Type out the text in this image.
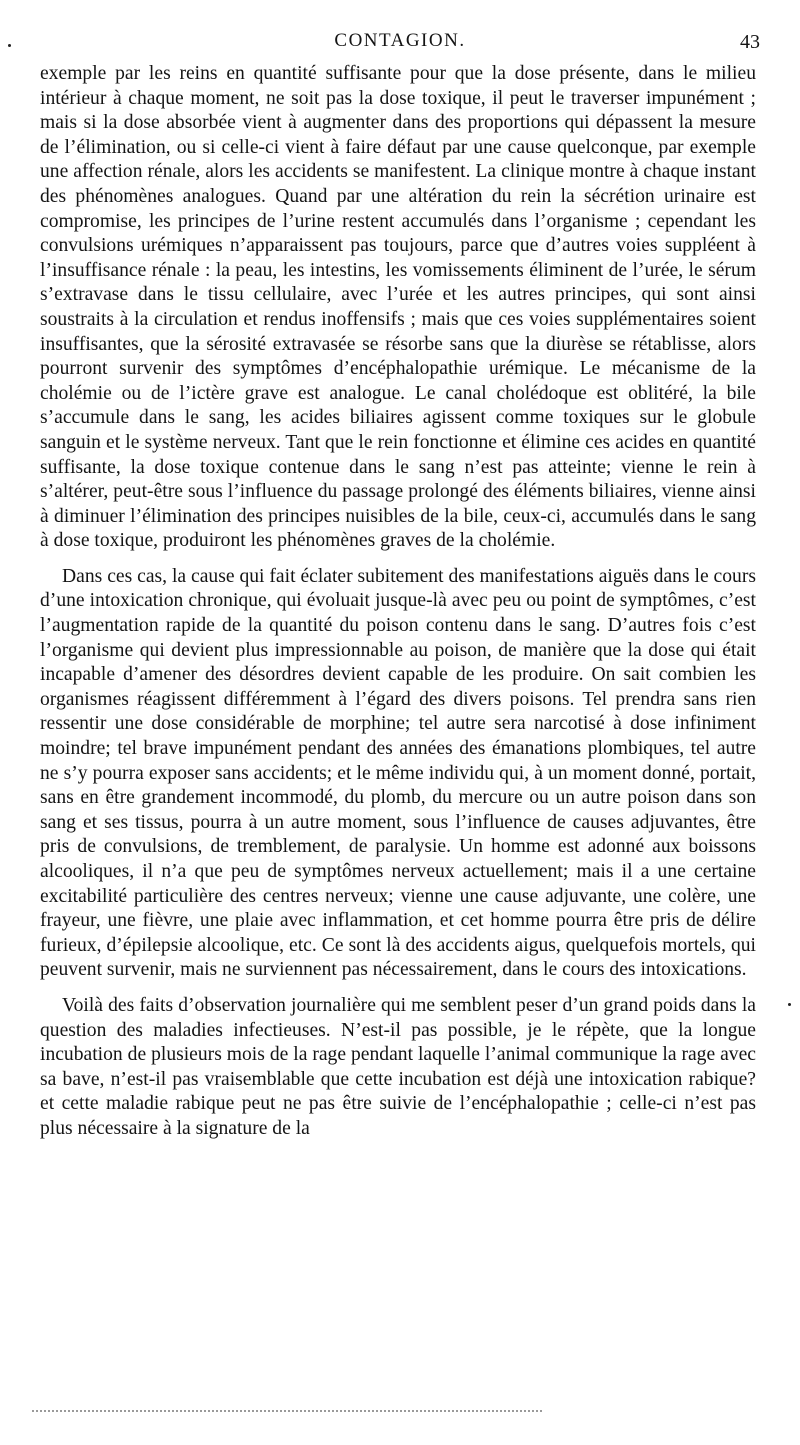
CONTAGION.	43

exemple par les reins en quantité suffisante pour que la dose présente, dans le milieu intérieur à chaque moment, ne soit pas la dose toxique, il peut le traverser impunément ; mais si la dose absorbée vient à augmenter dans des proportions qui dépassent la mesure de l’élimination, ou si celle-ci vient à faire défaut par une cause quelconque, par exemple une affection rénale, alors les accidents se manifestent. La clinique montre à chaque instant des phénomènes analogues. Quand par une altération du rein la sécrétion urinaire est compromise, les principes de l’urine restent accumulés dans l’organisme ; cependant les convulsions urémiques n’apparaissent pas toujours, parce que d’autres voies suppléent à l’insuffisance rénale : la peau, les intestins, les vomissements éliminent de l’urée, le sérum s’extravase dans le tissu cellulaire, avec l’urée et les autres principes, qui sont ainsi soustraits à la circulation et rendus inoffensifs ; mais que ces voies supplémentaires soient insuffisantes, que la sérosité extravasée se résorbe sans que la diurèse se rétablisse, alors pourront survenir des symptômes d’encéphalopathie urémique. Le mécanisme de la cholémie ou de l’ictère grave est analogue. Le canal cholédoque est oblitéré, la bile s’accumule dans le sang, les acides biliaires agissent comme toxiques sur le globule sanguin et le système nerveux. Tant que le rein fonctionne et élimine ces acides en quantité suffisante, la dose toxique contenue dans le sang n’est pas atteinte; vienne le rein à s’altérer, peut-être sous l’influence du passage prolongé des éléments biliaires, vienne ainsi à diminuer l’élimination des principes nuisibles de la bile, ceux-ci, accumulés dans le sang à dose toxique, produiront les phénomènes graves de la cholémie.

Dans ces cas, la cause qui fait éclater subitement des manifestations aiguës dans le cours d’une intoxication chronique, qui évoluait jusque-là avec peu ou point de symptômes, c’est l’augmentation rapide de la quantité du poison contenu dans le sang. D’autres fois c’est l’organisme qui devient plus impressionnable au poison, de manière que la dose qui était incapable d’amener des désordres devient capable de les produire. On sait combien les organismes réagissent différemment à l’égard des divers poisons. Tel prendra sans rien ressentir une dose considérable de morphine; tel autre sera narcotisé à dose infiniment moindre; tel brave impunément pendant des années des émanations plombiques, tel autre ne s’y pourra exposer sans accidents; et le même individu qui, à un moment donné, portait, sans en être grandement incommodé, du plomb, du mercure ou un autre poison dans son sang et ses tissus, pourra à un autre moment, sous l’influence de causes adjuvantes, être pris de convulsions, de tremblement, de paralysie. Un homme est adonné aux boissons alcooliques, il n’a que peu de symptômes nerveux actuellement; mais il a une certaine excitabilité particulière des centres nerveux; vienne une cause adjuvante, une colère, une frayeur, une fièvre, une plaie avec inflammation, et cet homme pourra être pris de délire furieux, d’épilepsie alcoolique, etc. Ce sont là des accidents aigus, quelquefois mortels, qui peuvent survenir, mais ne surviennent pas nécessairement, dans le cours des intoxications.

Voilà des faits d’observation journalière qui me semblent peser d’un grand poids dans la question des maladies infectieuses. N’est-il pas possible, je le répète, que la longue incubation de plusieurs mois de la rage pendant laquelle l’animal communique la rage avec sa bave, n’est-il pas vraisemblable que cette incubation est déjà une intoxication rabique? et cette maladie rabique peut ne pas être suivie de l’encéphalopathie ; celle-ci n’est pas plus nécessaire à la signature de la
